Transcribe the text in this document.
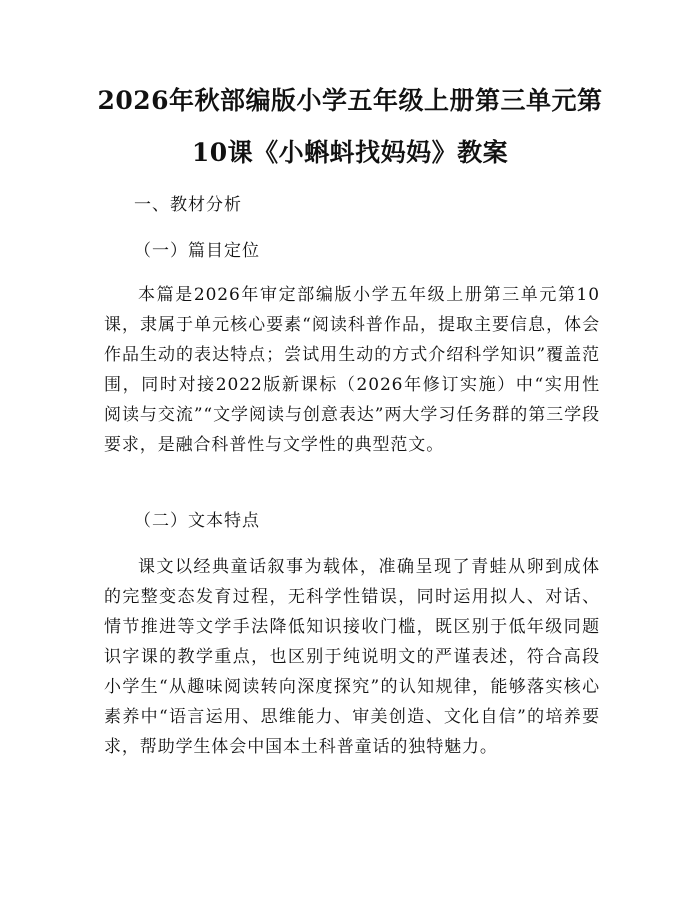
2026年秋部编版小学五年级上册第三单元第
10课《小蝌蚪找妈妈》教案
一、教材分析
（一）篇目定位

本篇是2026年审定部编版小学五年级上册第三单元第10课，隶属于单元核心要素“阅读科普作品，提取主要信息，体会作品生动的表达特点；尝试用生动的方式介绍科学知识”覆盖范围，同时对接2022版新课标（2026年修订实施）中“实用性阅读与交流”“文学阅读与创意表达”两大学习任务群的第三学段要求，是融合科普性与文学性的典型范文。

（二）文本特点

课文以经典童话叙事为载体，准确呈现了青蛙从卵到成体的完整变态发育过程，无科学性错误，同时运用拟人、对话、情节推进等文学手法降低知识接收门槛，既区别于低年级同题识字课的教学重点，也区别于纯说明文的严谨表述，符合高段小学生“从趣味阅读转向深度探究”的认知规律，能够落实核心素养中“语言运用、思维能力、审美创造、文化自信”的培养要求，帮助学生体会中国本土科普童话的独特魅力。
